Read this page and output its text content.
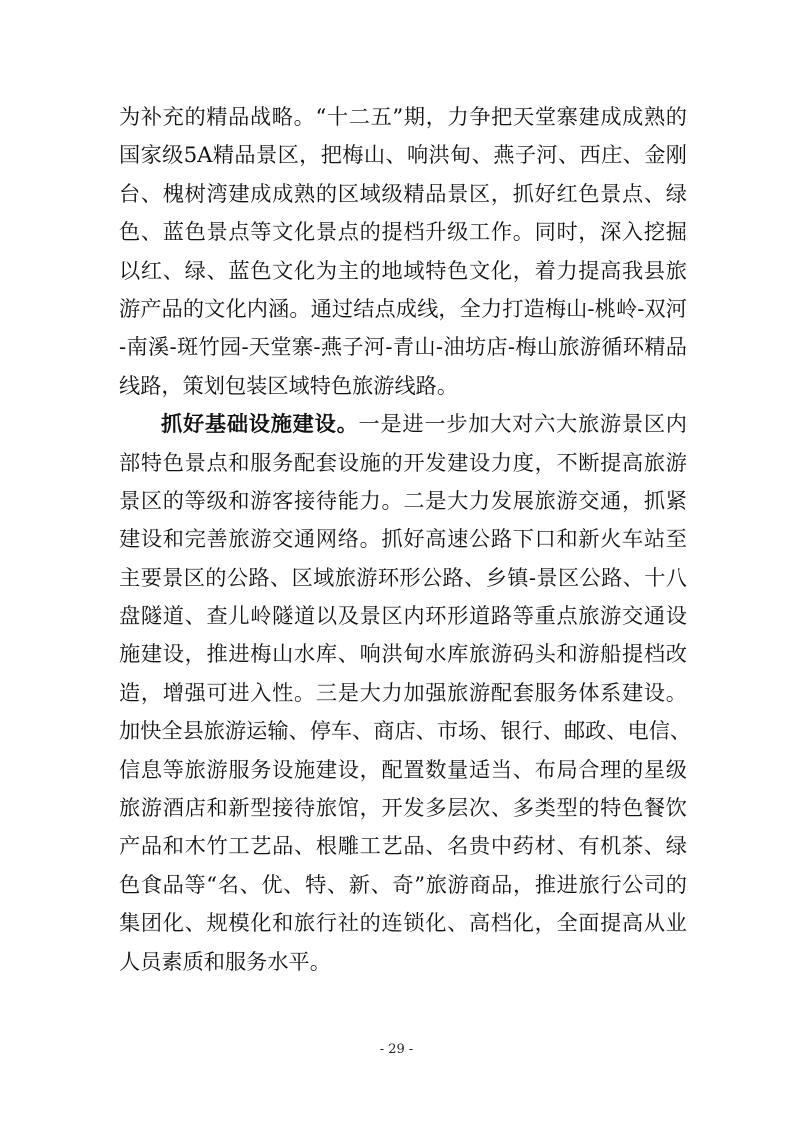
为补充的精品战略。“十二五”期，力争把天堂寨建成成熟的
国家级5A精品景区，把梅山、响洪甸、燕子河、西庄、金刚
台、槐树湾建成成熟的区域级精品景区，抓好红色景点、绿
色、蓝色景点等文化景点的提档升级工作。同时，深入挖掘
以红、绿、蓝色文化为主的地域特色文化，着力提高我县旅
游产品的文化内涵。通过结点成线，全力打造梅山-桃岭-双河
-南溪-斑竹园-天堂寨-燕子河-青山-油坊店-梅山旅游循环精品
线路，策划包装区域特色旅游线路。
抓好基础设施建设。一是进一步加大对六大旅游景区内
部特色景点和服务配套设施的开发建设力度，不断提高旅游
景区的等级和游客接待能力。二是大力发展旅游交通，抓紧
建设和完善旅游交通网络。抓好高速公路下口和新火车站至
主要景区的公路、区域旅游环形公路、乡镇-景区公路、十八
盘隧道、查儿岭隧道以及景区内环形道路等重点旅游交通设
施建设，推进梅山水库、响洪甸水库旅游码头和游船提档改
造，增强可进入性。三是大力加强旅游配套服务体系建设。
加快全县旅游运输、停车、商店、市场、银行、邮政、电信、
信息等旅游服务设施建设，配置数量适当、布局合理的星级
旅游酒店和新型接待旅馆，开发多层次、多类型的特色餐饮
产品和木竹工艺品、根雕工艺品、名贵中药材、有机茶、绿
色食品等“名、优、特、新、奇”旅游商品，推进旅行公司的
集团化、规模化和旅行社的连锁化、高档化，全面提高从业
人员素质和服务水平。
- 29 -
